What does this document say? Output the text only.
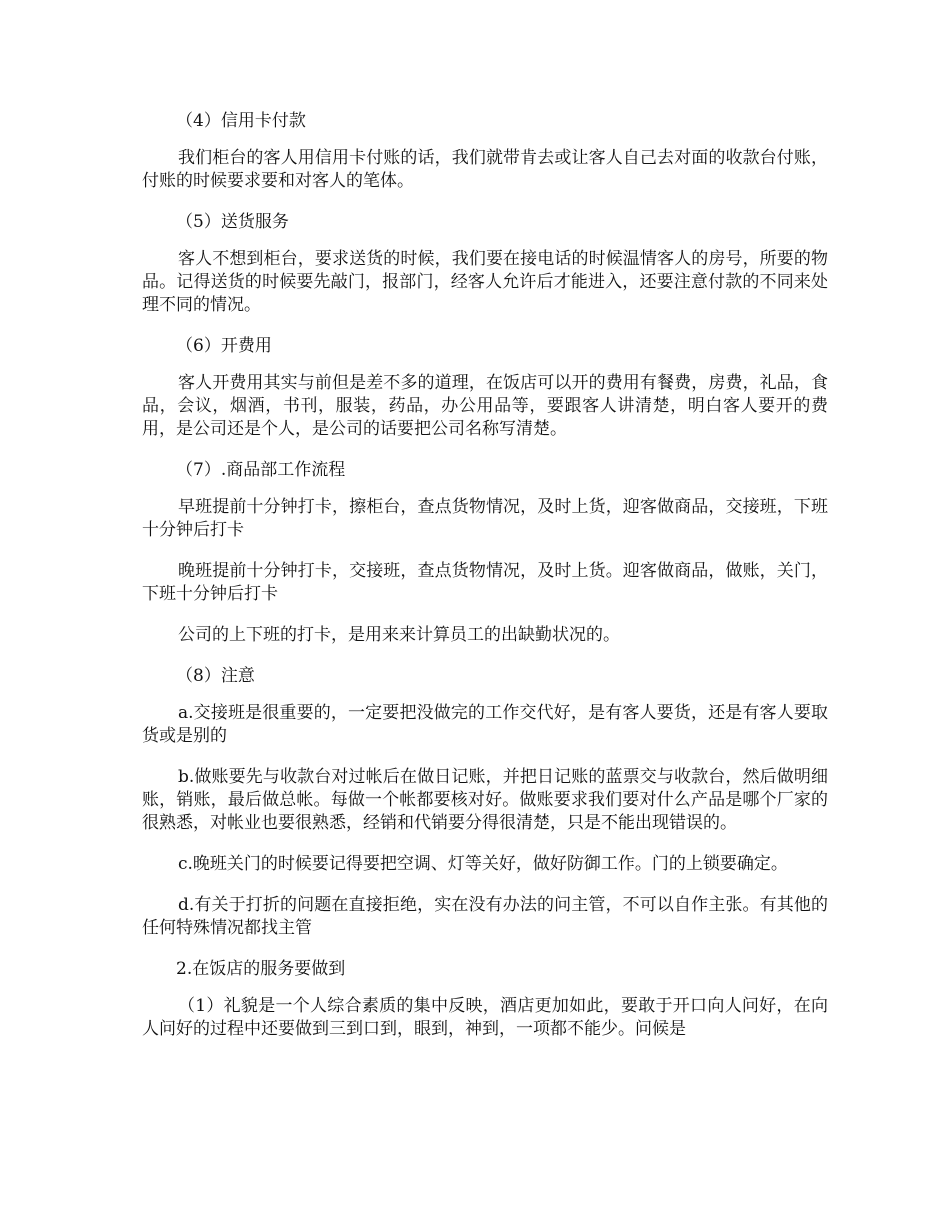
（4）信用卡付款

我们柜台的客人用信用卡付账的话，我们就带肯去或让客人自己去对面的收款台付账，付账的时候要求要和对客人的笔体。

（5）送货服务

客人不想到柜台，要求送货的时候，我们要在接电话的时候温情客人的房号，所要的物品。记得送货的时候要先敲门，报部门，经客人允许后才能进入，还要注意付款的不同来处理不同的情况。

（6）开费用

客人开费用其实与前但是差不多的道理，在饭店可以开的费用有餐费，房费，礼品，食品，会议，烟酒，书刊，服装，药品，办公用品等，要跟客人讲清楚，明白客人要开的费用，是公司还是个人，是公司的话要把公司名称写清楚。

（7）.商品部工作流程

早班提前十分钟打卡，擦柜台，查点货物情况，及时上货，迎客做商品，交接班，下班十分钟后打卡

晚班提前十分钟打卡，交接班，查点货物情况，及时上货。迎客做商品，做账，关门，下班十分钟后打卡

公司的上下班的打卡，是用来来计算员工的出缺勤状况的。

（8）注意

a.交接班是很重要的，一定要把没做完的工作交代好，是有客人要货，还是有客人要取货或是别的

b.做账要先与收款台对过帐后在做日记账，并把日记账的蓝票交与收款台，然后做明细账，销账，最后做总帐。每做一个帐都要核对好。做账要求我们要对什么产品是哪个厂家的很熟悉，对帐业也要很熟悉，经销和代销要分得很清楚，只是不能出现错误的。

c.晚班关门的时候要记得要把空调、灯等关好，做好防御工作。门的上锁要确定。

d.有关于打折的问题在直接拒绝，实在没有办法的问主管，不可以自作主张。有其他的任何特殊情况都找主管

2.在饭店的服务要做到

（1）礼貌是一个人综合素质的集中反映，酒店更加如此，要敢于开口向人问好，在向人问好的过程中还要做到三到口到，眼到，神到，一项都不能少。问候是
